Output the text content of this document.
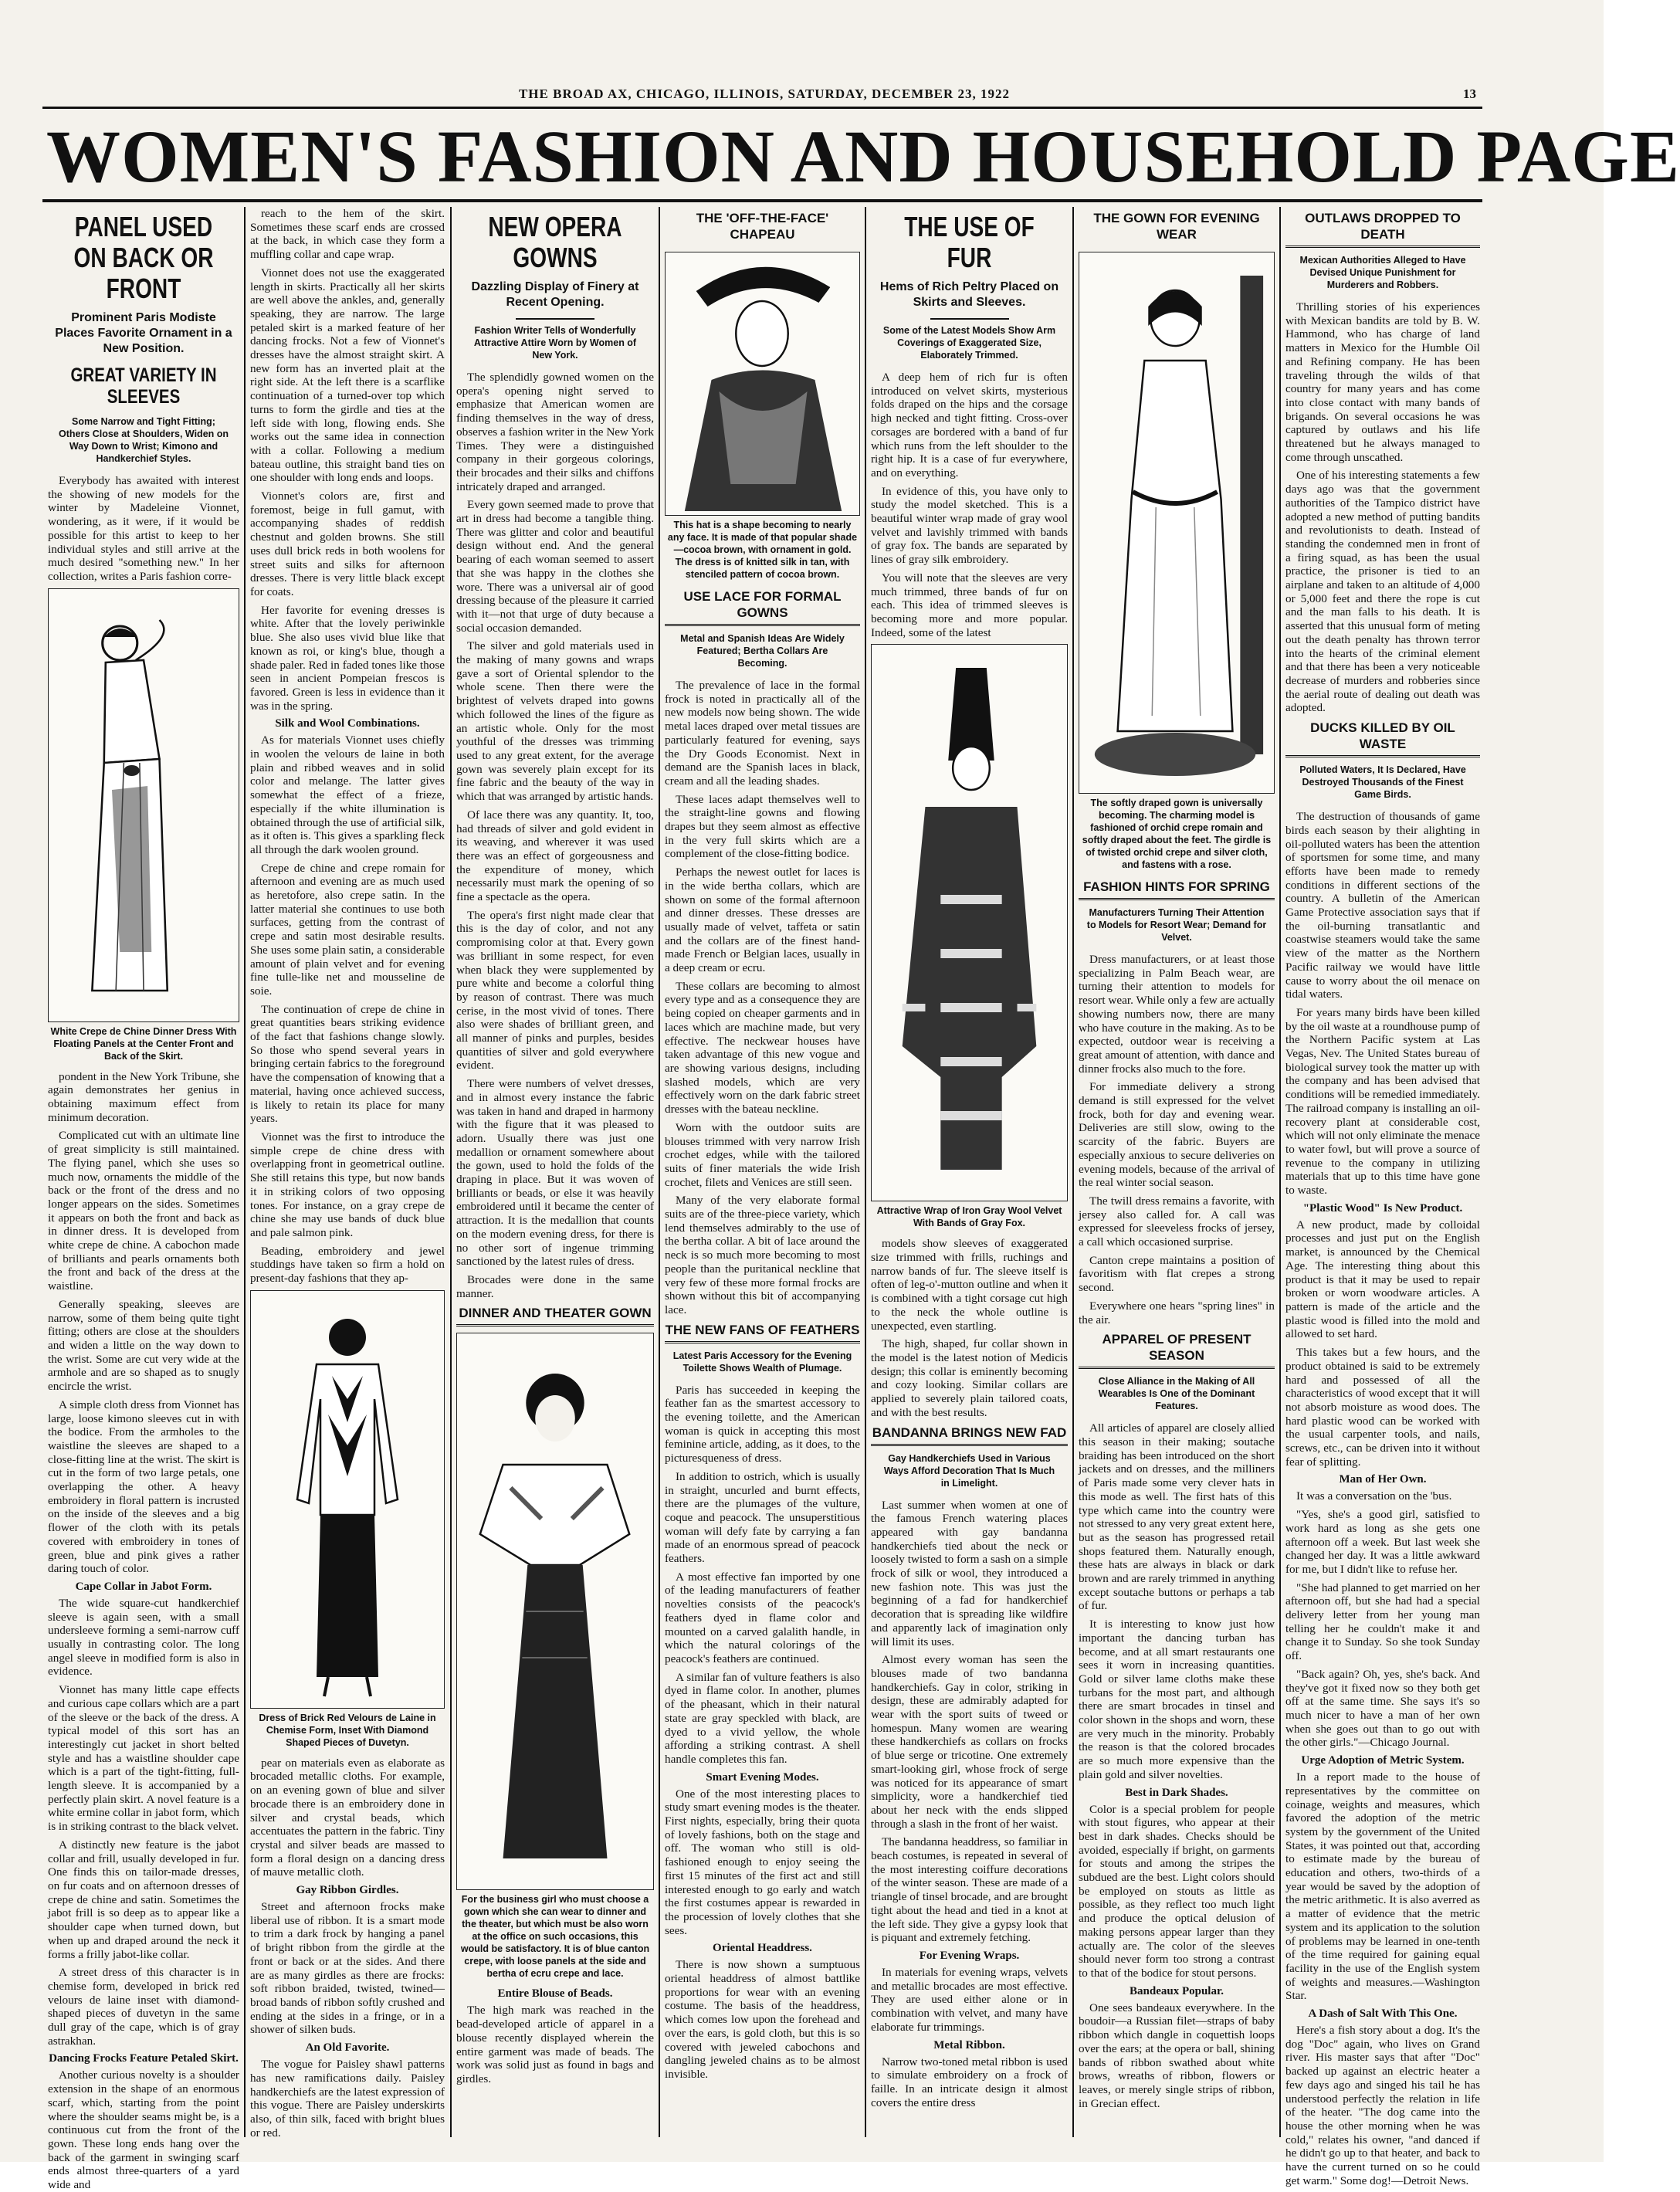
THE BROAD AX, CHICAGO, ILLINOIS, SATURDAY, DECEMBER 23, 1922	13
WOMEN'S FASHION AND HOUSEHOLD PAGE
PANEL USED ON BACK OR FRONT
Prominent Paris Modiste Places Favorite Ornament in a New Position.
GREAT VARIETY IN SLEEVES
Some Narrow and Tight Fitting; Others Close at Shoulders, Widen on Way Down to Wrist; Kimono and Handkerchief Styles.

Everybody has awaited with interest the showing of new models for the winter by Madeleine Vionnet, wondering, as it were, if it would be possible for this artist to keep to her individual styles and still arrive at the much desired "something new." In her collection, writes a Paris fashion corre-

White Crepe de Chine Dinner Dress With Floating Panels at the Center Front and Back of the Skirt.

pondent in the New York Tribune, she again demonstrates her genius in obtaining maximum effect from minimum decoration.

Complicated cut with an ultimate line of great simplicity is still maintained. The flying panel, which she uses so much now, ornaments the middle of the back or the front of the dress and no longer appears on the sides. Sometimes it appears on both the front and back as in dinner dress. It is developed from white crepe de chine. A cabochon made of brilliants and pearls ornaments both the front and back of the dress at the waistline.

Generally speaking, sleeves are narrow, some of them being quite tight fitting; others are close at the shoulders and widen a little on the way down to the wrist. Some are cut very wide at the armhole and are so shaped as to snugly encircle the wrist.

A simple cloth dress from Vionnet has large, loose kimono sleeves cut in with the bodice. From the armholes to the waistline the sleeves are shaped to a close-fitting line at the wrist. The skirt is cut in the form of two large petals, one overlapping the other. A heavy embroidery in floral pattern is incrusted on the inside of the sleeves and a big flower of the cloth with its petals covered with embroidery in tones of green, blue and pink gives a rather daring touch of color.

Cape Collar in Jabot Form.

The wide square-cut handkerchief sleeve is again seen, with a small undersleeve forming a semi-narrow cuff usually in contrasting color. The long angel sleeve in modified form is also in evidence.

Vionnet has many little cape effects and curious cape collars which are a part of the sleeve or the back of the dress. A typical model of this sort has an interestingly cut jacket in short belted style and has a waistline shoulder cape which is a part of the tight-fitting, full-length sleeve. It is accompanied by a perfectly plain skirt. A novel feature is a white ermine collar in jabot form, which is in striking contrast to the black velvet.

A distinctly new feature is the jabot collar and frill, usually developed in fur. One finds this on tailor-made dresses, on fur coats and on afternoon dresses of crepe de chine and satin. Sometimes the jabot frill is so deep as to appear like a shoulder cape when turned down, but when up and draped around the neck it forms a frilly jabot-like collar.

A street dress of this character is in chemise form, developed in brick red velours de laine inset with diamond-shaped pieces of duvetyn in the same dull gray of the cape, which is of gray astrakhan.

Dancing Frocks Feature Petaled Skirt.

Another curious novelty is a shoulder extension in the shape of an enormous scarf, which, starting from the point where the shoulder seams might be, is a continuous cut from the front of the gown. These long ends hang over the back of the garment in swinging scarf ends almost three-quarters of a yard wide and

reach to the hem of the skirt. Sometimes these scarf ends are crossed at the back, in which case they form a muffling collar and cape wrap.

Vionnet does not use the exaggerated length in skirts. Practically all her skirts are well above the ankles, and, generally speaking, they are narrow. The large petaled skirt is a marked feature of her dancing frocks. Not a few of Vionnet's dresses have the almost straight skirt. A new form has an inverted plait at the right side. At the left there is a scarflike continuation of a turned-over top which turns to form the girdle and ties at the left side with long, flowing ends. She works out the same idea in connection with a collar. Following a medium bateau outline, this straight band ties on one shoulder with long ends and loops.

Vionnet's colors are, first and foremost, beige in full gamut, with accompanying shades of reddish chestnut and golden browns. She still uses dull brick reds in both woolens for street suits and silks for afternoon dresses. There is very little black except for coats.

Her favorite for evening dresses is white. After that the lovely periwinkle blue. She also uses vivid blue like that known as roi, or king's blue, though a shade paler. Red in faded tones like those seen in ancient Pompeian frescos is favored. Green is less in evidence than it was in the spring.

Silk and Wool Combinations.

As for materials Vionnet uses chiefly in woolen the velours de laine in both plain and ribbed weaves and in solid color and melange. The latter gives somewhat the effect of a frieze, especially if the white illumination is obtained through the use of artificial silk, as it often is. This gives a sparkling fleck all through the dark woolen ground.

Crepe de chine and crepe romain for afternoon and evening are as much used as heretofore, also crepe satin. In the latter material she continues to use both surfaces, getting from the contrast of crepe and satin most desirable results. She uses some plain satin, a considerable amount of plain velvet and for evening fine tulle-like net and mousseline de soie.

The continuation of crepe de chine in great quantities bears striking evidence of the fact that fashions change slowly. So those who spend several years in bringing certain fabrics to the foreground have the compensation of knowing that a material, having once achieved success, is likely to retain its place for many years.

Vionnet was the first to introduce the simple crepe de chine dress with overlapping front in geometrical outline. She still retains this type, but now bands it in striking colors of two opposing tones. For instance, on a gray crepe de chine she may use bands of duck blue and pale salmon pink.

Beading, embroidery and jewel studdings have taken so firm a hold on present-day fashions that they ap-

Dress of Brick Red Velours de Laine in Chemise Form, Inset With Diamond Shaped Pieces of Duvetyn.

pear on materials even as elaborate as brocaded metallic cloths. For example, on an evening gown of blue and silver brocade there is an embroidery done in silver and crystal beads, which accentuates the pattern in the fabric. Tiny crystal and silver beads are massed to form a floral design on a dancing dress of mauve metallic cloth.

Gay Ribbon Girdles.

Street and afternoon frocks make liberal use of ribbon. It is a smart mode to trim a dark frock by hanging a panel of bright ribbon from the girdle at the front or back or at the sides. And there are as many girdles as there are frocks: soft ribbon braided, twisted, twined—broad bands of ribbon softly crushed and ending at the sides in a fringe, or in a shower of silken buds.

An Old Favorite.

The vogue for Paisley shawl patterns has new ramifications daily. Paisley handkerchiefs are the latest expression of this vogue. There are Paisley underskirts also, of thin silk, faced with bright blues or red.

NEW OPERA GOWNS
Dazzling Display of Finery at Recent Opening.
Fashion Writer Tells of Wonderfully Attractive Attire Worn by Women of New York.

The splendidly gowned women on the opera's opening night served to emphasize that American women are finding themselves in the way of dress, observes a fashion writer in the New York Times. They were a distinguished company in their gorgeous colorings, their brocades and their silks and chiffons intricately draped and arranged.

Every gown seemed made to prove that art in dress had become a tangible thing. There was glitter and color and beautiful design without end. And the general bearing of each woman seemed to assert that she was happy in the clothes she wore. There was a universal air of good dressing because of the pleasure it carried with it—not that urge of duty because a social occasion demanded.

The silver and gold materials used in the making of many gowns and wraps gave a sort of Oriental splendor to the whole scene. Then there were the brightest of velvets draped into gowns which followed the lines of the figure as an artistic whole. Only for the most youthful of the dresses was trimming used to any great extent, for the average gown was severely plain except for its fine fabric and the beauty of the way in which that was arranged by artistic hands.

Of lace there was any quantity. It, too, had threads of silver and gold evident in its weaving, and wherever it was used there was an effect of gorgeousness and the expenditure of money, which necessarily must mark the opening of so fine a spectacle as the opera.

The opera's first night made clear that this is the day of color, and not any compromising color at that. Every gown was brilliant in some respect, for even when black they were supplemented by pure white and become a colorful thing by reason of contrast. There was much cerise, in the most vivid of tones. There also were shades of brilliant green, and all manner of pinks and purples, besides quantities of silver and gold everywhere evident.

There were numbers of velvet dresses, and in almost every instance the fabric was taken in hand and draped in harmony with the figure that it was pleased to adorn. Usually there was just one medallion or ornament somewhere about the gown, used to hold the folds of the draping in place. But it was woven of brilliants or beads, or else it was heavily embroidered until it became the center of attraction. It is the medallion that counts on the modern evening dress, for there is no other sort of ingenue trimming sanctioned by the latest rules of dress.

Brocades were done in the same manner.

DINNER AND THEATER GOWN
For the business girl who must choose a gown which she can wear to dinner and the theater, but which must be also worn at the office on such occasions, this would be satisfactory. It is of blue canton crepe, with loose panels at the side and bertha of ecru crepe and lace.
Entire Blouse of Beads.

The high mark was reached in the bead-developed article of apparel in a blouse recently displayed wherein the entire garment was made of beads. The work was solid just as found in bags and girdles.

THE 'OFF-THE-FACE' CHAPEAU
This hat is a shape becoming to nearly any face. It is made of that popular shade—cocoa brown, with ornament in gold. The dress is of knitted silk in tan, with stenciled pattern of cocoa brown.
USE LACE FOR FORMAL GOWNS
Metal and Spanish Ideas Are Widely Featured; Bertha Collars Are Becoming.

The prevalence of lace in the formal frock is noted in practically all of the new models now being shown. The wide metal laces draped over metal tissues are particularly featured for evening, says the Dry Goods Economist. Next in demand are the Spanish laces in black, cream and all the leading shades.

These laces adapt themselves well to the straight-line gowns and flowing drapes but they seem almost as effective in the very full skirts which are a complement of the close-fitting bodice.

Perhaps the newest outlet for laces is in the wide bertha collars, which are shown on some of the formal afternoon and dinner dresses. These dresses are usually made of velvet, taffeta or satin and the collars are of the finest hand-made French or Belgian laces, usually in a deep cream or ecru.

These collars are becoming to almost every type and as a consequence they are being copied on cheaper garments and in laces which are machine made, but very effective. The neckwear houses have taken advantage of this new vogue and are showing various designs, including slashed models, which are very effectively worn on the dark fabric street dresses with the bateau neckline.

Worn with the outdoor suits are blouses trimmed with very narrow Irish crochet edges, while with the tailored suits of finer materials the wide Irish crochet, filets and Venices are still seen.

Many of the very elaborate formal suits are of the three-piece variety, which lend themselves admirably to the use of the bertha collar. A bit of lace around the neck is so much more becoming to most people than the puritanical neckline that very few of these more formal frocks are shown without this bit of accompanying lace.

THE NEW FANS OF FEATHERS
Latest Paris Accessory for the Evening Toilette Shows Wealth of Plumage.

Paris has succeeded in keeping the feather fan as the smartest accessory to the evening toilette, and the American woman is quick in accepting this most feminine article, adding, as it does, to the picturesqueness of dress.

In addition to ostrich, which is usually in straight, uncurled and burnt effects, there are the plumages of the vulture, coque and peacock. The unsuperstitious woman will defy fate by carrying a fan made of an enormous spread of peacock feathers.

A most effective fan imported by one of the leading manufacturers of feather novelties consists of the peacock's feathers dyed in flame color and mounted on a carved galalith handle, in which the natural colorings of the peacock's feathers are continued.

A similar fan of vulture feathers is also dyed in flame color. In another, plumes of the pheasant, which in their natural state are gray speckled with black, are dyed to a vivid yellow, the whole affording a striking contrast. A shell handle completes this fan.

Smart Evening Modes.

One of the most interesting places to study smart evening modes is the theater. First nights, especially, bring their quota of lovely fashions, both on the stage and off. The woman who still is old-fashioned enough to enjoy seeing the first 15 minutes of the first act and still interested enough to go early and watch the first costumes appear is rewarded in the procession of lovely clothes that she sees.

Oriental Headdress.

There is now shown a sumptuous oriental headdress of almost battlike proportions for wear with an evening costume. The basis of the headdress, which comes low upon the forehead and over the ears, is gold cloth, but this is so covered with jeweled cabochons and dangling jeweled chains as to be almost invisible.

THE USE OF FUR
Hems of Rich Peltry Placed on Skirts and Sleeves.
Some of the Latest Models Show Arm Coverings of Exaggerated Size, Elaborately Trimmed.

A deep hem of rich fur is often introduced on velvet skirts, mysterious folds draped on the hips and the corsage high necked and tight fitting. Cross-over corsages are bordered with a band of fur which runs from the left shoulder to the right hip. It is a case of fur everywhere, and on everything.

In evidence of this, you have only to study the model sketched. This is a beautiful winter wrap made of gray wool velvet and lavishly trimmed with bands of gray fox. The bands are separated by lines of gray silk embroidery.

You will note that the sleeves are very much trimmed, three bands of fur on each. This idea of trimmed sleeves is becoming more and more popular. Indeed, some of the latest

Attractive Wrap of Iron Gray Wool Velvet With Bands of Gray Fox.

models show sleeves of exaggerated size trimmed with frills, ruchings and narrow bands of fur. The sleeve itself is often of leg-o'-mutton outline and when it is combined with a tight corsage cut high to the neck the whole outline is unexpected, even startling.

The high, shaped, fur collar shown in the model is the latest notion of Medicis design; this collar is eminently becoming and cozy looking. Similar collars are applied to severely plain tailored coats, and with the best results.

BANDANNA BRINGS NEW FAD
Gay Handkerchiefs Used in Various Ways Afford Decoration That Is Much in Limelight.

Last summer when women at one of the famous French watering places appeared with gay bandanna handkerchiefs tied about the neck or loosely twisted to form a sash on a simple frock of silk or wool, they introduced a new fashion note. This was just the beginning of a fad for handkerchief decoration that is spreading like wildfire and apparently lack of imagination only will limit its uses.

Almost every woman has seen the blouses made of two bandanna handkerchiefs. Gay in color, striking in design, these are admirably adapted for wear with the sport suits of tweed or homespun. Many women are wearing these handkerchiefs as collars on frocks of blue serge or tricotine. One extremely smart-looking girl, whose frock of serge was noticed for its appearance of smart simplicity, wore a handkerchief tied about her neck with the ends slipped through a slash in the front of her waist.

The bandanna headdress, so familiar in beach costumes, is repeated in several of the most interesting coiffure decorations of the winter season. These are made of a triangle of tinsel brocade, and are brought tight about the head and tied in a knot at the left side. They give a gypsy look that is piquant and extremely fetching.

For Evening Wraps.

In materials for evening wraps, velvets and metallic brocades are most effective. They are used either alone or in combination with velvet, and many have elaborate fur trimmings.

Metal Ribbon.

Narrow two-toned metal ribbon is used to simulate embroidery on a frock of faille. In an intricate design it almost covers the entire dress

THE GOWN FOR EVENING WEAR
The softly draped gown is universally becoming. The charming model is fashioned of orchid crepe romain and softly draped about the feet. The girdle is of twisted orchid crepe and silver cloth, and fastens with a rose.
FASHION HINTS FOR SPRING
Manufacturers Turning Their Attention to Models for Resort Wear; Demand for Velvet.

Dress manufacturers, or at least those specializing in Palm Beach wear, are turning their attention to models for resort wear. While only a few are actually showing numbers now, there are many who have couture in the making. As to be expected, outdoor wear is receiving a great amount of attention, with dance and dinner frocks also much to the fore.

For immediate delivery a strong demand is still expressed for the velvet frock, both for day and evening wear. Deliveries are still slow, owing to the scarcity of the fabric. Buyers are especially anxious to secure deliveries on evening models, because of the arrival of the real winter social season.

The twill dress remains a favorite, with jersey also called for. A call was expressed for sleeveless frocks of jersey, a call which occasioned surprise.

Canton crepe maintains a position of favoritism with flat crepes a strong second.

Everywhere one hears "spring lines" in the air.

APPAREL OF PRESENT SEASON
Close Alliance in the Making of All Wearables Is One of the Dominant Features.

All articles of apparel are closely allied this season in their making; soutache braiding has been introduced on the short jackets and on dresses, and the milliners of Paris made some very clever hats in this mode as well. The first hats of this type which came into the country were not stressed to any very great extent here, but as the season has progressed retail shops featured them. Naturally enough, these hats are always in black or dark brown and are rarely trimmed in anything except soutache buttons or perhaps a tab of fur.

It is interesting to know just how important the dancing turban has become, and at all smart restaurants one sees it worn in increasing quantities. Gold or silver lame cloths make these turbans for the most part, and although there are smart brocades in tinsel and color shown in the shops and worn, these are very much in the minority. Probably the reason is that the colored brocades are so much more expensive than the plain gold and silver novelties.

Best in Dark Shades.

Color is a special problem for people with stout figures, who appear at their best in dark shades. Checks should be avoided, especially if bright, on garments for stouts and among the stripes the subdued are the best. Light colors should be employed on stouts as little as possible, as they reflect too much light and produce the optical delusion of making persons appear larger than they actually are. The color of the sleeves should never form too strong a contrast to that of the bodice for stout persons.

Bandeaux Popular.

One sees bandeaux everywhere. In the boudoir—a Russian filet—straps of baby ribbon which dangle in coquettish loops over the ears; at the opera or ball, shining bands of ribbon swathed about white brows, wreaths of ribbon, flowers or leaves, or merely single strips of ribbon, in Grecian effect.

OUTLAWS DROPPED TO DEATH
Mexican Authorities Alleged to Have Devised Unique Punishment for Murderers and Robbers.

Thrilling stories of his experiences with Mexican bandits are told by B. W. Hammond, who has charge of land matters in Mexico for the Humble Oil and Refining company. He has been traveling through the wilds of that country for many years and has come into close contact with many bands of brigands. On several occasions he was captured by outlaws and his life threatened but he always managed to come through unscathed.

One of his interesting statements a few days ago was that the government authorities of the Tampico district have adopted a new method of putting bandits and revolutionists to death. Instead of standing the condemned men in front of a firing squad, as has been the usual practice, the prisoner is tied to an airplane and taken to an altitude of 4,000 or 5,000 feet and there the rope is cut and the man falls to his death. It is asserted that this unusual form of meting out the death penalty has thrown terror into the hearts of the criminal element and that there has been a very noticeable decrease of murders and robberies since the aerial route of dealing out death was adopted.

DUCKS KILLED BY OIL WASTE
Polluted Waters, It Is Declared, Have Destroyed Thousands of the Finest Game Birds.

The destruction of thousands of game birds each season by their alighting in oil-polluted waters has been the attention of sportsmen for some time, and many efforts have been made to remedy conditions in different sections of the country. A bulletin of the American Game Protective association says that if the oil-burning transatlantic and coastwise steamers would take the same view of the matter as the Northern Pacific railway we would have little cause to worry about the oil menace on tidal waters.

For years many birds have been killed by the oil waste at a roundhouse pump of the Northern Pacific system at Las Vegas, Nev. The United States bureau of biological survey took the matter up with the company and has been advised that conditions will be remedied immediately. The railroad company is installing an oil-recovery plant at considerable cost, which will not only eliminate the menace to water fowl, but will prove a source of revenue to the company in utilizing materials that up to this time have gone to waste.

"Plastic Wood" Is New Product.

A new product, made by colloidal processes and just put on the English market, is announced by the Chemical Age. The interesting thing about this product is that it may be used to repair broken or worn woodware articles. A pattern is made of the article and the plastic wood is filled into the mold and allowed to set hard.

This takes but a few hours, and the product obtained is said to be extremely hard and possessed of all the characteristics of wood except that it will not absorb moisture as wood does. The hard plastic wood can be worked with the usual carpenter tools, and nails, screws, etc., can be driven into it without fear of splitting.

Man of Her Own.

It was a conversation on the 'bus.

"Yes, she's a good girl, satisfied to work hard as long as she gets one afternoon off a week. But last week she changed her day. It was a little awkward for me, but I didn't like to refuse her.

"She had planned to get married on her afternoon off, but she had had a special delivery letter from her young man telling her he couldn't make it and change it to Sunday. So she took Sunday off.

"Back again? Oh, yes, she's back. And they've got it fixed now so they both get off at the same time. She says it's so much nicer to have a man of her own when she goes out than to go out with the other girls."—Chicago Journal.

Urge Adoption of Metric System.

In a report made to the house of representatives by the committee on coinage, weights and measures, which favored the adoption of the metric system by the government of the United States, it was pointed out that, according to estimate made by the bureau of education and others, two-thirds of a year would be saved by the adoption of the metric arithmetic. It is also averred as a matter of evidence that the metric system and its application to the solution of problems may be learned in one-tenth of the time required for gaining equal facility in the use of the English system of weights and measures.—Washington Star.

A Dash of Salt With This One.

Here's a fish story about a dog. It's the dog "Doc" again, who lives on Grand river. His master says that after "Doc" backed up against an electric heater a few days ago and singed his tail he has understood perfectly the relation in life of the heater. "The dog came into the house the other morning when he was cold," relates his owner, "and danced if he didn't go up to that heater, and back to have the current turned on so he could get warm." Some dog!—Detroit News.
